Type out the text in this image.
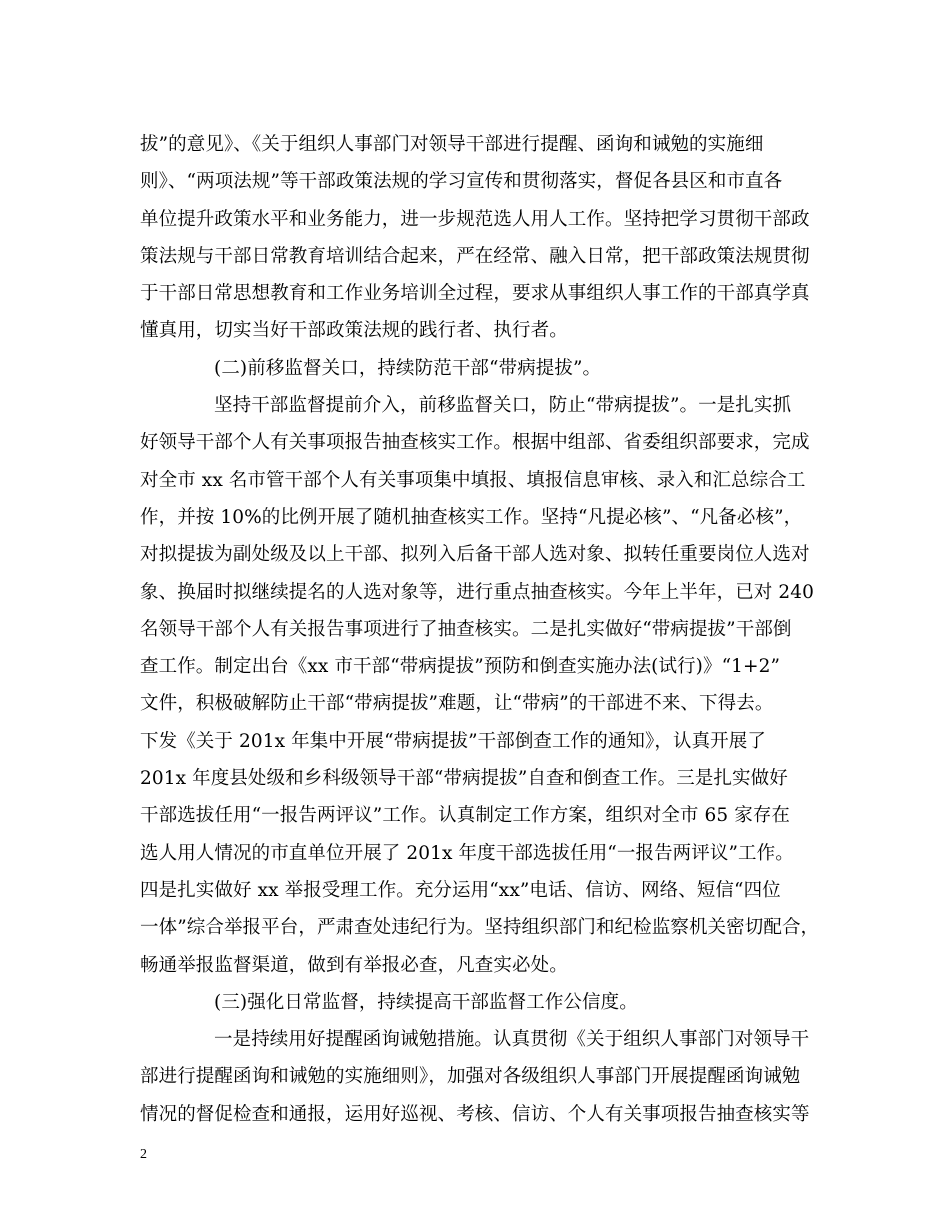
拔”的意见》、《关于组织人事部门对领导干部进行提醒、函询和诫勉的实施细
则》、“两项法规”等干部政策法规的学习宣传和贯彻落实，督促各县区和市直各
单位提升政策水平和业务能力，进一步规范选人用人工作。坚持把学习贯彻干部政
策法规与干部日常教育培训结合起来，严在经常、融入日常，把干部政策法规贯彻
于干部日常思想教育和工作业务培训全过程，要求从事组织人事工作的干部真学真
懂真用，切实当好干部政策法规的践行者、执行者。
(二)前移监督关口，持续防范干部“带病提拔”。
坚持干部监督提前介入，前移监督关口，防止“带病提拔”。一是扎实抓
好领导干部个人有关事项报告抽查核实工作。根据中组部、省委组织部要求，完成
对全市 xx 名市管干部个人有关事项集中填报、填报信息审核、录入和汇总综合工
作，并按 10%的比例开展了随机抽查核实工作。坚持“凡提必核”、“凡备必核”，
对拟提拔为副处级及以上干部、拟列入后备干部人选对象、拟转任重要岗位人选对
象、换届时拟继续提名的人选对象等，进行重点抽查核实。今年上半年，已对 240
名领导干部个人有关报告事项进行了抽查核实。二是扎实做好“带病提拔”干部倒
查工作。制定出台《xx 市干部“带病提拔”预防和倒查实施办法(试行)》“1+2”
文件，积极破解防止干部“带病提拔”难题，让“带病”的干部进不来、下得去。
下发《关于 201x 年集中开展“带病提拔”干部倒查工作的通知》，认真开展了
201x 年度县处级和乡科级领导干部“带病提拔”自查和倒查工作。三是扎实做好
干部选拔任用“一报告两评议”工作。认真制定工作方案，组织对全市 65 家存在
选人用人情况的市直单位开展了 201x 年度干部选拔任用“一报告两评议”工作。
四是扎实做好 xx 举报受理工作。充分运用“xx”电话、信访、网络、短信“四位
一体”综合举报平台，严肃查处违纪行为。坚持组织部门和纪检监察机关密切配合，
畅通举报监督渠道，做到有举报必查，凡查实必处。
(三)强化日常监督，持续提高干部监督工作公信度。
一是持续用好提醒函询诫勉措施。认真贯彻《关于组织人事部门对领导干
部进行提醒函询和诫勉的实施细则》，加强对各级组织人事部门开展提醒函询诫勉
情况的督促检查和通报，运用好巡视、考核、信访、个人有关事项报告抽查核实等
2
